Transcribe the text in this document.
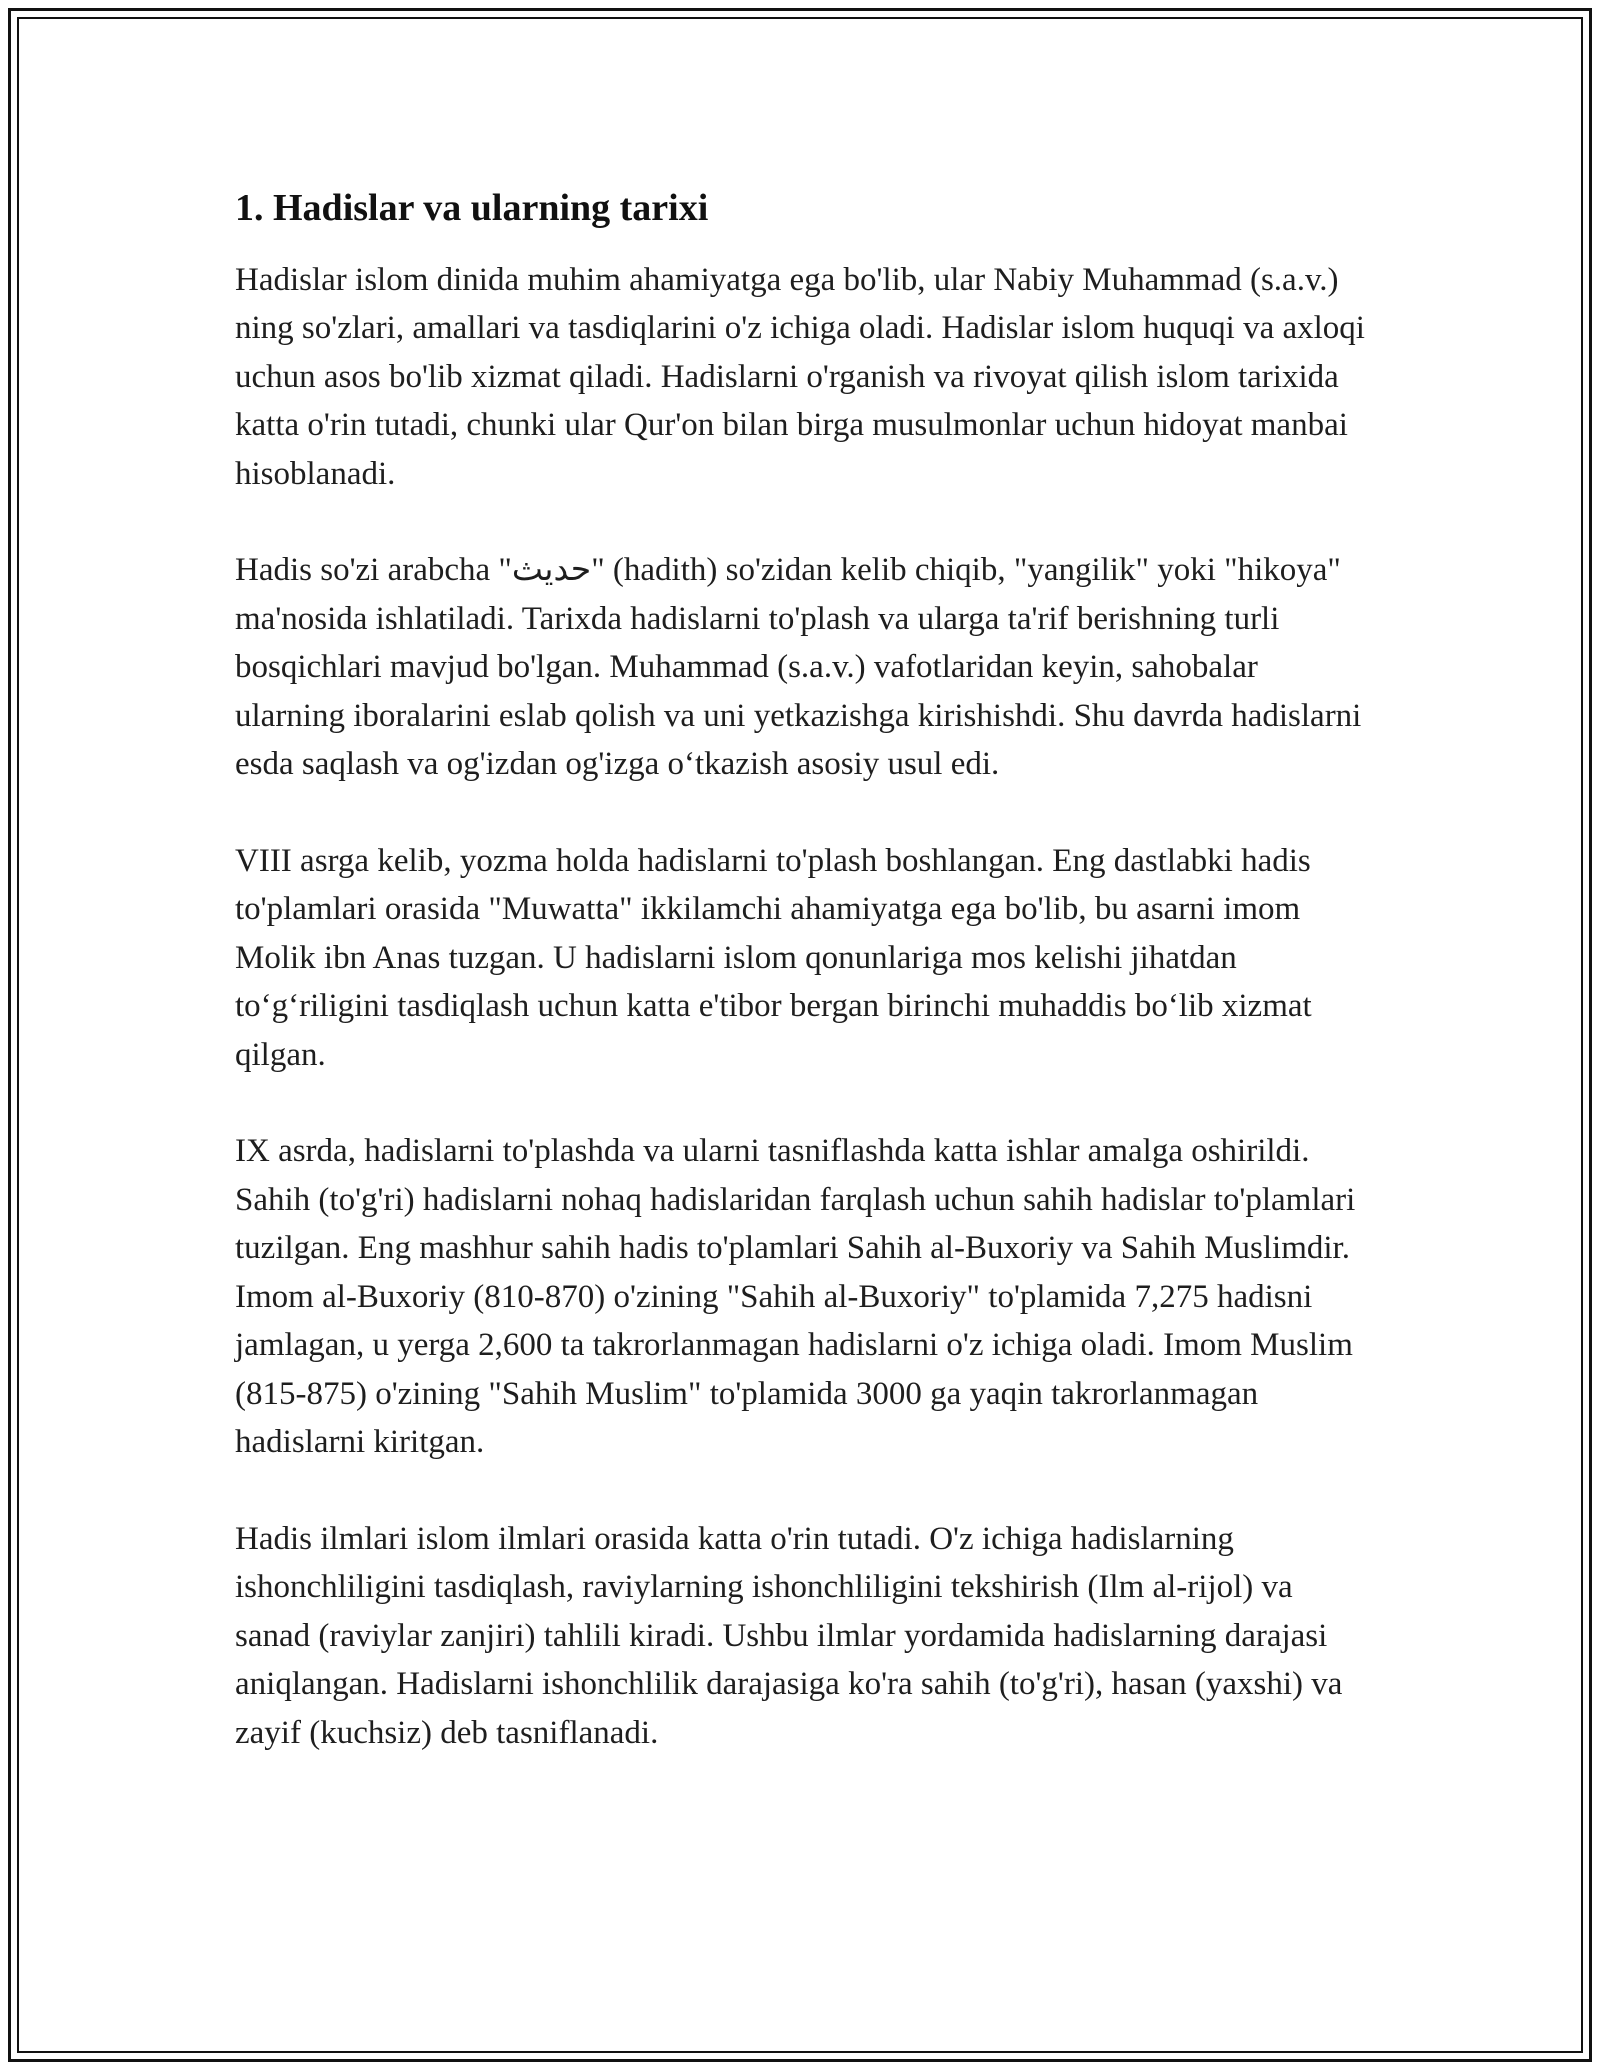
1. Hadislar va ularning tarixi

Hadislar islom dinida muhim ahamiyatga ega bo'lib, ular Nabiy Muhammad (s.a.v.) ning so'zlari, amallari va tasdiqlarini o'z ichiga oladi. Hadislar islom huquqi va axloqi uchun asos bo'lib xizmat qiladi. Hadislarni o'rganish va rivoyat qilish islom tarixida katta o'rin tutadi, chunki ular Qur'on bilan birga musulmonlar uchun hidoyat manbai hisoblanadi.

Hadis so'zi arabcha "حديث" (hadith) so'zidan kelib chiqib, "yangilik" yoki "hikoya" ma'nosida ishlatiladi. Tarixda hadislarni to'plash va ularga ta'rif berishning turli bosqichlari mavjud bo'lgan. Muhammad (s.a.v.) vafotlaridan keyin, sahobalar ularning iboralarini eslab qolish va uni yetkazishga kirishishdi. Shu davrda hadislarni esda saqlash va og'izdan og'izga o‘tkazish asosiy usul edi.

VIII asrga kelib, yozma holda hadislarni to'plash boshlangan. Eng dastlabki hadis to'plamlari orasida "Muwatta" ikkilamchi ahamiyatga ega bo'lib, bu asarni imom Molik ibn Anas tuzgan. U hadislarni islom qonunlariga mos kelishi jihatdan to‘g‘riligini tasdiqlash uchun katta e'tibor bergan birinchi muhaddis bo‘lib xizmat qilgan.

IX asrda, hadislarni to'plashda va ularni tasniflashda katta ishlar amalga oshirildi. Sahih (to'g'ri) hadislarni nohaq hadislaridan farqlash uchun sahih hadislar to'plamlari tuzilgan. Eng mashhur sahih hadis to'plamlari Sahih al-Buxoriy va Sahih Muslimdir. Imom al-Buxoriy (810-870) o'zining "Sahih al-Buxoriy" to'plamida 7,275 hadisni jamlagan, u yerga 2,600 ta takrorlanmagan hadislarni o'z ichiga oladi. Imom Muslim (815-875) o'zining "Sahih Muslim" to'plamida 3000 ga yaqin takrorlanmagan hadislarni kiritgan.

Hadis ilmlari islom ilmlari orasida katta o'rin tutadi. O'z ichiga hadislarning ishonchliligini tasdiqlash, raviylarning ishonchliligini tekshirish (Ilm al-rijol) va sanad (raviylar zanjiri) tahlili kiradi. Ushbu ilmlar yordamida hadislarning darajasi aniqlangan. Hadislarni ishonchlilik darajasiga ko'ra sahih (to'g'ri), hasan (yaxshi) va zayif (kuchsiz) deb tasniflanadi.
